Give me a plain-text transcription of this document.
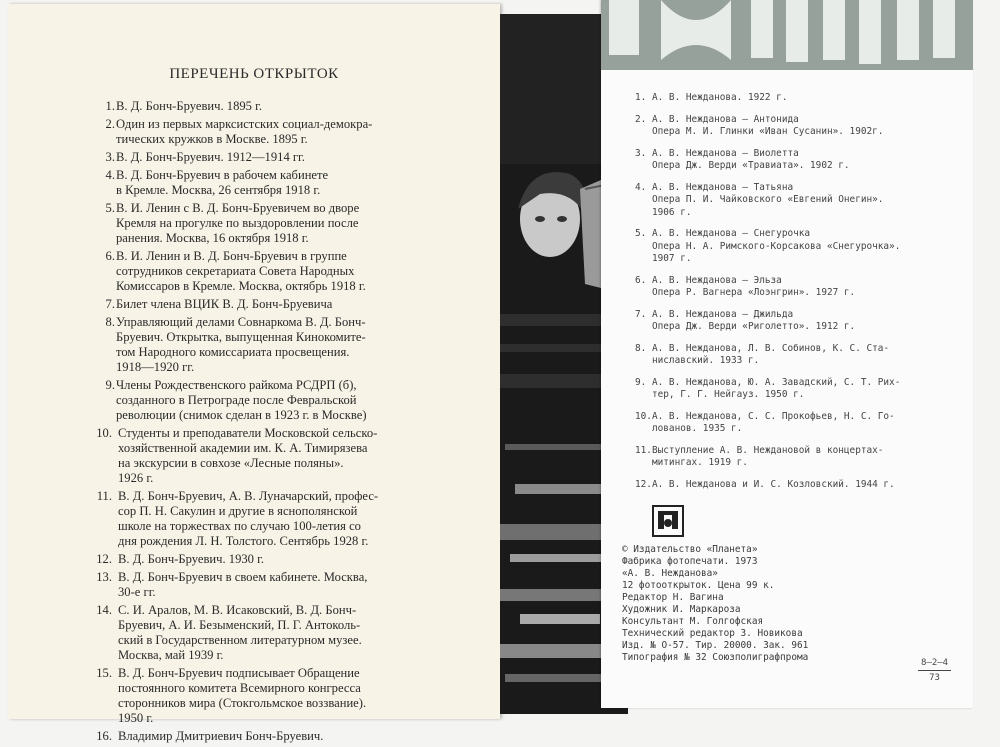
ПЕРЕЧЕНЬ ОТКРЫТОК
1. В. Д. Бонч-Бруевич. 1895 г.
2. Один из первых марксистских социал-демокра-
тических кружков в Москве. 1895 г.
3. В. Д. Бонч-Бруевич. 1912—1914 гг.
4. В. Д. Бонч-Бруевич в рабочем кабинете
в Кремле. Москва, 26 сентября 1918 г.
5. В. И. Ленин с В. Д. Бонч-Бруевичем во дворе
Кремля на прогулке по выздоровлении после
ранения. Москва, 16 октября 1918 г.
6. В. И. Ленин и В. Д. Бонч-Бруевич в группе
сотрудников секретариата Совета Народных
Комиссаров в Кремле. Москва, октябрь 1918 г.
7. Билет члена ВЦИК В. Д. Бонч-Бруевича
8. Управляющий делами Совнаркома В. Д. Бонч-
Бруевич. Открытка, выпущенная Кинокомите-
том Народного комиссариата просвещения.
1918—1920 гг.
9. Члены Рождественского райкома РСДРП (б),
созданного в Петрограде после Февральской
революции (снимок сделан в 1923 г. в Москве)
10. Студенты и преподаватели Московской сельско-
хозяйственной академии им. К. А. Тимирязева
на экскурсии в совхозе «Лесные поляны».
1926 г.
11. В. Д. Бонч-Бруевич, А. В. Луначарский, профес-
сор П. Н. Сакулин и другие в яснополянской
школе на торжествах по случаю 100-летия со
дня рождения Л. Н. Толстого. Сентябрь 1928 г.
12. В. Д. Бонч-Бруевич. 1930 г.
13. В. Д. Бонч-Бруевич в своем кабинете. Москва,
30-е гг.
14. С. И. Аралов, М. В. Исаковский, В. Д. Бонч-
Бруевич, А. И. Безыменский, П. Г. Антоколь-
ский в Государственном литературном музее.
Москва, май 1939 г.
15. В. Д. Бонч-Бруевич подписывает Обращение
постоянного комитета Всемирного конгресса
сторонников мира (Стокгольмское воззвание).
1950 г.
16. Владимир Дмитриевич Бонч-Бруевич.
1. А. В. Нежданова. 1922 г.
2. А. В. Нежданова — Антонида
Опера М. И. Глинки «Иван Сусанин». 1902г.
3. А. В. Нежданова — Виолетта
Опера Дж. Верди «Травиата». 1902 г.
4. А. В. Нежданова — Татьяна
Опера П. И. Чайковского «Евгений Онегин».
1906 г.
5. А. В. Нежданова — Снегурочка
Опера Н. А. Римского-Корсакова «Снегурочка».
1907 г.
6. А. В. Нежданова — Эльза
Опера Р. Вагнера «Лоэнгрин». 1927 г.
7. А. В. Нежданова — Джильда
Опера Дж. Верди «Риголетто». 1912 г.
8. А. В. Нежданова, Л. В. Собинов, К. С. Ста-
ниславский. 1933 г.
9. А. В. Нежданова, Ю. А. Завадский, С. Т. Рих-
тер, Г. Г. Нейгауз. 1950 г.
10. А. В. Нежданова, С. С. Прокофьев, Н. С. Го-
лованов. 1935 г.
11. Выступление А. В. Неждановой в концертах-
митингах. 1919 г.
12. А. В. Нежданова и И. С. Козловский. 1944 г.
© Издательство «Планета»
Фабрика фотопечати. 1973
«А. В. Нежданова»
12 фотооткрыток. Цена 99 к.
Редактор Н. Вагина
Художник И. Маркароза
Консультант М. Голгофская
Технический редактор З. Новикова
Изд. № О-57. Тир. 20000. Зак. 961
Типография № 32 Союзполиграфпрома	8—2—4
73
